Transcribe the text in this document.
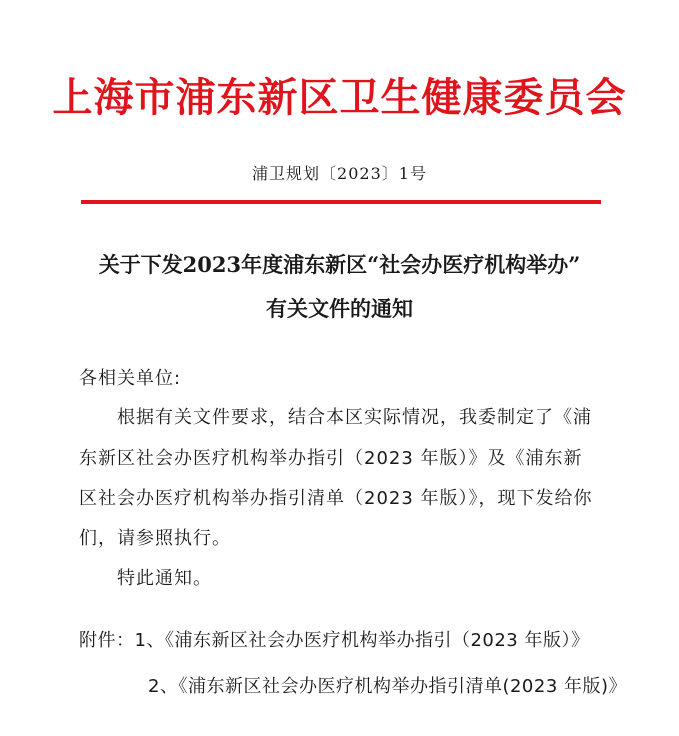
上海市浦东新区卫生健康委员会
浦卫规划〔2023〕1号
关于下发2023年度浦东新区“社会办医疗机构举办”
有关文件的通知
各相关单位:
根据有关文件要求，结合本区实际情况，我委制定了《浦
东新区社会办医疗机构举办指引（2023 年版）》及《浦东新
区社会办医疗机构举办指引清单（2023 年版）》，现下发给你
们，请参照执行。
特此通知。
附件：1、《浦东新区社会办医疗机构举办指引（2023 年版）》
2、《浦东新区社会办医疗机构举办指引清单(2023 年版)》
